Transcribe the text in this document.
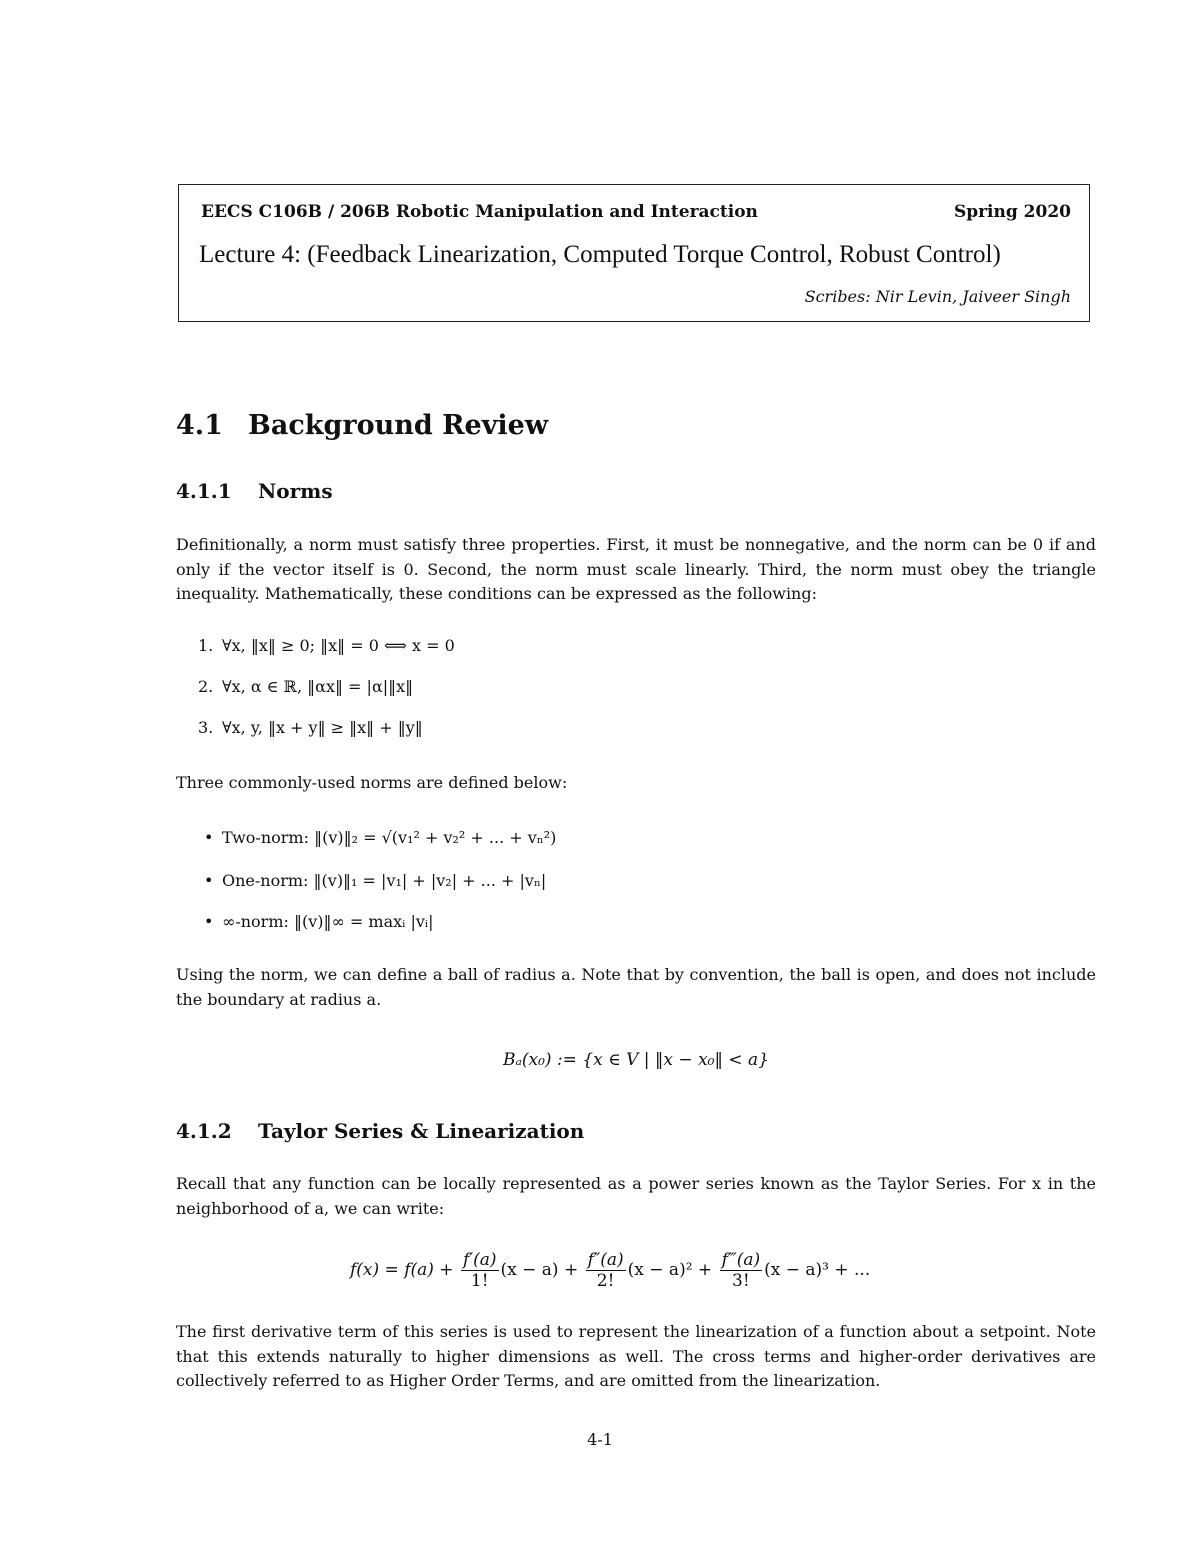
EECS C106B / 206B Robotic Manipulation and Interaction	Spring 2020
Lecture 4: (Feedback Linearization, Computed Torque Control, Robust Control)
Scribes: Nir Levin, Jaiveer Singh
4.1 Background Review
4.1.1 Norms
Definitionally, a norm must satisfy three properties. First, it must be nonnegative, and the norm can be 0 if and only if the vector itself is 0. Second, the norm must scale linearly. Third, the norm must obey the triangle inequality. Mathematically, these conditions can be expressed as the following:
1. ∀x, ‖x‖ ≥ 0; ‖x‖ = 0 ⟺ x = 0
2. ∀x, α ∈ ℝ, ‖αx‖ = |α|‖x‖
3. ∀x, y, ‖x + y‖ ≥ ‖x‖ + ‖y‖
Three commonly-used norms are defined below:
• Two-norm: ‖(v)‖₂ = √(v₁² + v₂² + ... + vₙ²)
• One-norm: ‖(v)‖₁ = |v₁| + |v₂| + ... + |vₙ|
• ∞-norm: ‖(v)‖∞ = maxᵢ |vᵢ|
Using the norm, we can define a ball of radius a. Note that by convention, the ball is open, and does not include the boundary at radius a.
Bₐ(x₀) := {x ∈ V | ‖x − x₀‖ < a}
4.1.2 Taylor Series & Linearization
Recall that any function can be locally represented as a power series known as the Taylor Series. For x in the neighborhood of a, we can write:
$f(x) = f(a) + \frac{f'(a)}{1!} (x - a) + \frac{f''(a)}{2!} (x - a)^2 + \frac{f‴(a)}{3!} (x - a)^3$ + ...
The first derivative term of this series is used to represent the linearization of a function about a setpoint. Note that this extends naturally to higher dimensions as well. The cross terms and higher-order derivatives are collectively referred to as Higher Order Terms, and are omitted from the linearization.
4-1
